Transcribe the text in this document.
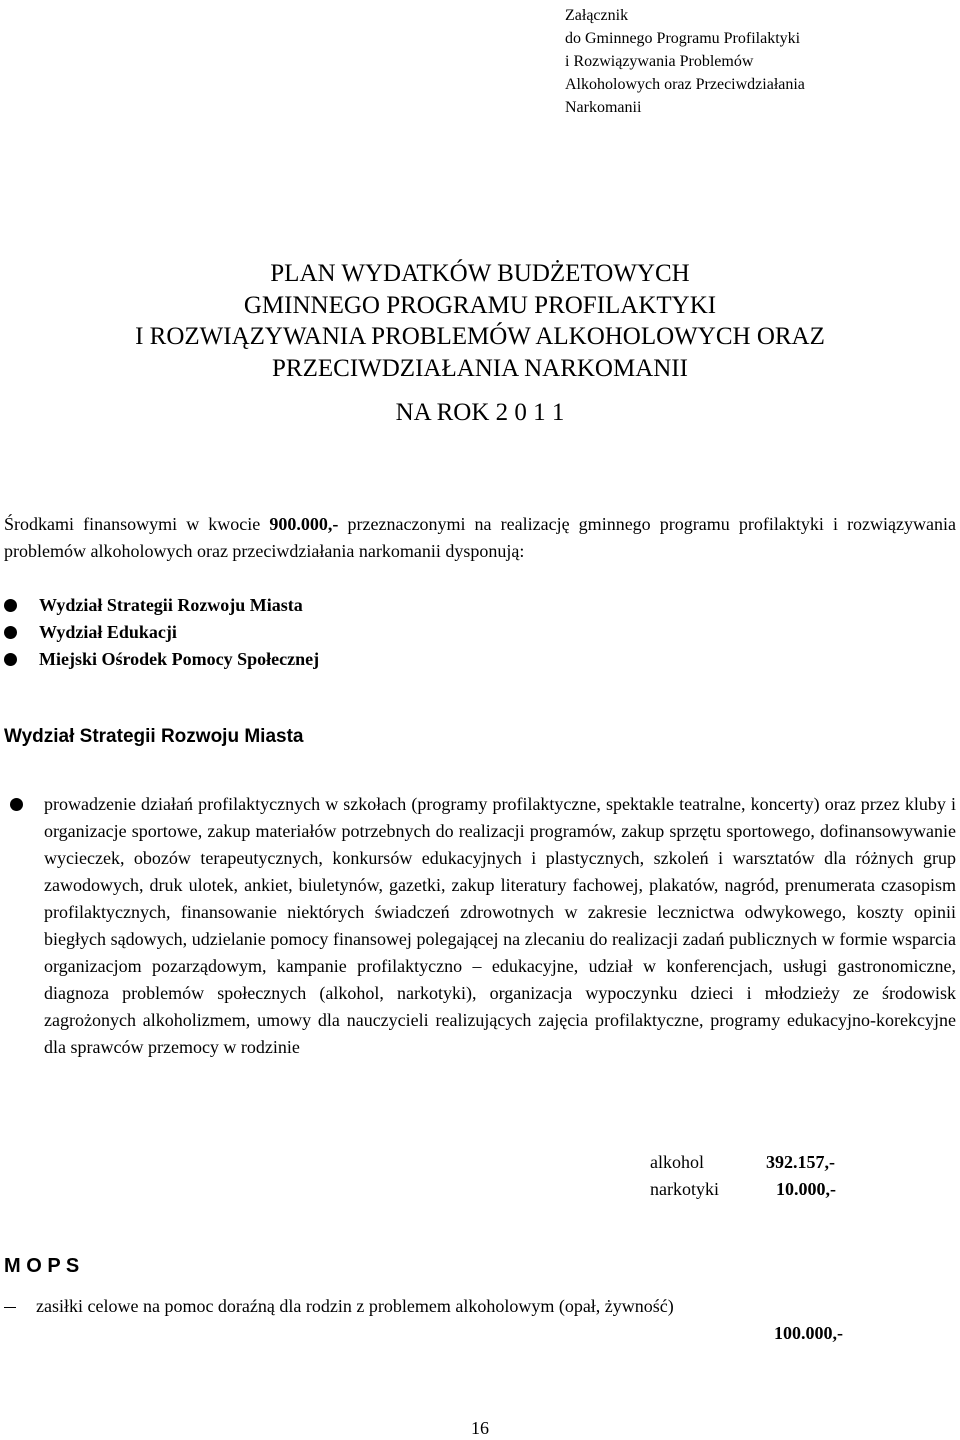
Załącznik
do Gminnego Programu Profilaktyki
i Rozwiązywania Problemów
Alkoholowych oraz Przeciwdziałania
Narkomanii
PLAN WYDATKÓW BUDŻETOWYCH
GMINNEGO PROGRAMU PROFILAKTYKI
I ROZWIĄZYWANIA PROBLEMÓW ALKOHOLOWYCH ORAZ
PRZECIWDZIAŁANIA NARKOMANII
NA ROK 2 0 1 1
Środkami finansowymi w kwocie 900.000,- przeznaczonymi na realizację gminnego programu profilaktyki i rozwiązywania problemów alkoholowych oraz przeciwdziałania narkomanii dysponują:
Wydział Strategii Rozwoju Miasta
Wydział Edukacji
Miejski Ośrodek Pomocy Społecznej
Wydział Strategii Rozwoju Miasta
prowadzenie działań profilaktycznych w szkołach (programy profilaktyczne, spektakle teatralne, koncerty) oraz przez kluby i organizacje sportowe, zakup materiałów potrzebnych do realizacji programów, zakup sprzętu sportowego, dofinansowywanie wycieczek, obozów terapeutycznych, konkursów edukacyjnych i plastycznych, szkoleń i warsztatów dla różnych grup zawodowych, druk ulotek, ankiet, biuletynów, gazetki, zakup literatury fachowej, plakatów, nagród, prenumerata czasopism profilaktycznych, finansowanie niektórych świadczeń zdrowotnych w zakresie lecznictwa odwykowego, koszty opinii biegłych sądowych, udzielanie pomocy finansowej polegającej na zlecaniu do realizacji zadań publicznych w formie wsparcia organizacjom pozarządowym, kampanie profilaktyczno – edukacyjne, udział w konferencjach, usługi gastronomiczne, diagnoza problemów społecznych (alkohol, narkotyki), organizacja wypoczynku dzieci i młodzieży ze środowisk zagrożonych alkoholizmem, umowy dla nauczycieli realizujących zajęcia profilaktyczne, programy edukacyjno-korekcyjne dla sprawców przemocy w rodzinie
alkohol	392.157,-
narkotyki	10.000,-
M O P S
zasiłki celowe na pomoc doraźną dla rodzin z problemem alkoholowym (opał, żywność)
100.000,-
16
